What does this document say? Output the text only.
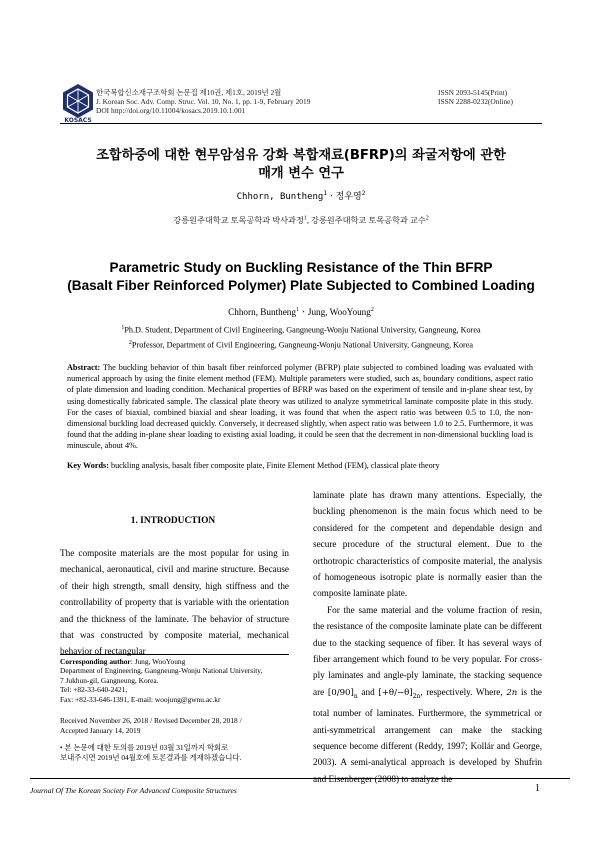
KOSACS
한국복합신소재구조학회 논문집 제10권, 제1호, 2019년 2월
J. Korean Soc. Adv. Comp. Struc. Vol. 10, No. 1, pp. 1-9, February 2019
DOI http://doi.org/10.11004/kosacs.2019.10.1.001
ISSN 2093-5145(Print)
ISSN 2288-0232(Online)
조합하중에 대한 현무암섬유 강화 복합재료(BFRP)의 좌굴저항에 관한
매개 변수 연구
Chhorn, Buntheng$^1$ㆍ정우영$^2$
강릉원주대학교 토목공학과 박사과정$^1$, 강릉원주대학교 토목공학과 교수$^2$
Parametric Study on Buckling Resistance of the Thin BFRP
(Basalt Fiber Reinforced Polymer) Plate Subjected to Combined Loading
Chhorn, Buntheng$^1$ㆍJung, WooYoung$^2$
$^1$Ph.D. Student, Department of Civil Engineering, Gangneung-Wonju National University, Gangneung, Korea
$^2$Professor, Department of Civil Engineering, Gangneung-Wonju National University, Gangneung, Korea
Abstract: The buckling behavior of thin basalt fiber reinforced polymer (BFRP) plate subjected to combined loading was evaluated with numerical approach by using the finite element method (FEM). Multiple parameters were studied, such as, boundary conditions, aspect ratio of plate dimension and loading condition. Mechanical properties of BFRP was based on the experiment of tensile and in-plane shear test, by using domestically fabricated sample. The classical plate theory was utilized to analyze symmetrical laminate composite plate in this study. For the cases of biaxial, combined biaxial and shear loading, it was found that when the aspect ratio was between 0.5 to 1.0, the non-dimensional buckling load decreased quickly. Conversely, it decreased slightly, when aspect ratio was between 1.0 to 2.5. Furthermore, it was found that the adding in-plane shear loading to existing axial loading, it could be seen that the decrement in non-dimensional buckling load is minuscule, about 4%.
Key Words: buckling analysis, basalt fiber composite plate, Finite Element Method (FEM), classical plate theory
1. INTRODUCTION
The composite materials are the most popular for using in mechanical, aeronautical, civil and marine structure. Because of their high strength, small density, high stiffness and the controllability of property that is variable with the orientation and the thickness of the laminate. The behavior of structure that was constructed by composite material, mechanical behavior of rectangular
Corresponding author: Jung, WooYoung
Department of Engineering, Gangneung-Wonju National University,
7 Jukhun-gil, Gangneung, Korea.
Tel: +82-33-640-2421,
Fax: +82-33-646-1391, E-mail: woojung@gwnu.ac.kr
Received November 26, 2018 / Revised December 28, 2018 /
Accepted January 14, 2019
• 본 논문에 대한 토의를 2019년 03월 31일까지 학회로
보내주시면 2019년 04월호에 토론결과를 게재하겠습니다.
laminate plate has drawn many attentions. Especially, the buckling phenomenon is the main focus which need to be considered for the competent and dependable design and secure procedure of the structural element. Due to the orthotropic characteristics of composite material, the analysis of homogeneous isotropic plate is normally easier than the composite laminate plate.
For the same material and the volume fraction of resin, the resistance of the composite laminate plate can be different due to the stacking sequence of fiber. It has several ways of fiber arrangement which found to be very popular. For cross-ply laminates and angle-ply laminate, the stacking sequence are $[0/90]_n$ and $[+\theta/-\theta]_{2n}$, respectively. Where, 2n is the total number of laminates. Furthermore, the symmetrical or anti-symmetrical arrangement can make the stacking sequence become different (Reddy, 1997; Kollár and George, 2003). A semi-analytical approach is developed by Shufrin and Eisenberger (2008) to analyze the
Journal Of The Korean Society For Advanced Composite Structures	1
